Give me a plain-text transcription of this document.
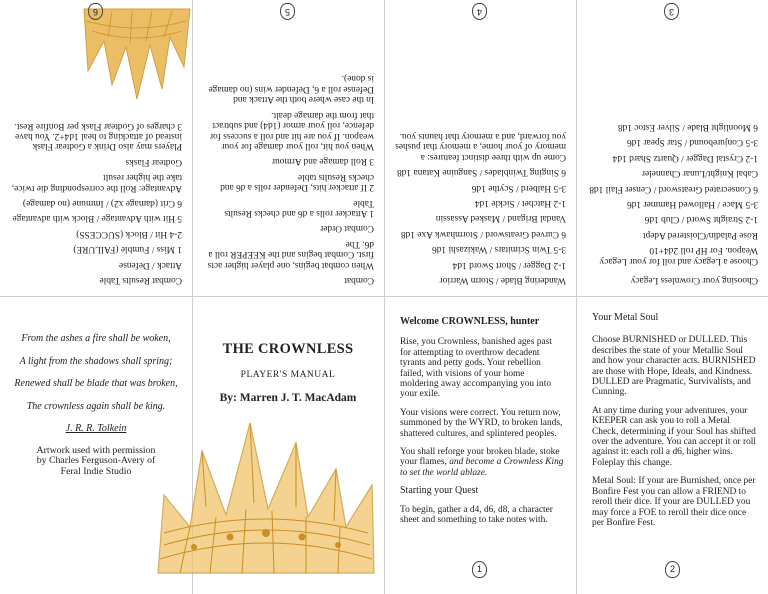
Combat Results Table
Attack / Defense
1 Miss / Fumble (FAILURE)
2-4 Hit / Block (SUCCESS)
5 Hit with Advantage / Block with advantage
6 Crit (damage x2) / Immune (no damage)
Advantage: Roll the corresponding die twice, take the higher result
Godtear Flasks
Players may also Drink a Godtear Flask instead of attacking to heal 1d4+2. You have 3 charges of Godtear Flask per Bonfire Rest.
6
Combat
When combat begins, one player higher acts first. Combat begins and the KEEPER roll a d6. The
Combat Order
1 Attacker rolls a d6 and checks Results Table
2 If attacker hits, Defender rolls a d6 and checks Results table
3 Roll damage and Armour
When you hit, roll your damage for your weapon. If you are hit and roll a success for defence, roll your armor (1d4) and subtract that from the damage dealt.
In the case where both the Attack and Defense roll a 6, Defender wins (no damage is done).
5
Wandering Blade / Storm Warrior
1-2 Dagger / Short Sword 1d4
3-5 Twin Scimitars / Wakizashi 1d6
6 Curved Greatsword / Stormhawk Axe 1d8
Vandal Brigand / Masked Assassin
1-2 Hatchet / Sickle 1d4
3-5 Halberd / Scythe 1d6
6 Singing Twinblades / Sanguine Katana 1d8
Come up with three distinct features: a memory of your home, a memory that pushes you forward, and a memory that haunts you.
4
Choosing your Crownless Legacy
Choose a Legacy and roll for your Legacy Weapon. For HP roll 2d4+10
Rose Paladin/Cloistered Adept
1-2 Straight Sword / Club 1d6
3-5 Mace / Hallowed Hammer 1d6
6 Consecrated Greatsword / Censer Flail 1d8
Cabal Knight/Lunar Channeler
1-2 Crystal Dagger / Quartz Shard 1d4
3-5 Conjurebound / Star Spear 1d6
6 Moonlight Blade / Silver Estoc 1d8
3
From the ashes a fire shall be woken,
A light from the shadows shall spring;
Renewed shall be blade that was broken,
The crownless again shall be king.
J. R. R. Tolkein
Artwork used with permission by Charles Ferguson-Avery of Feral Indie Studio
THE CROWNLESS
PLAYER'S MANUAL
By: Marren J. T. MacAdam

Welcome CROWNLESS, hunter

Rise, you Crownless, banished ages past for attempting to overthrow decadent tyrants and petty gods. Your rebellion failed, with visions of your home moldering away accompanying you into your exile.

Your visions were correct. You return now, summoned by the WYRD, to broken lands, shattered cultures, and splintered peoples.

You shall reforge your broken blade, stoke your flames, and become a Crownless King to set the world ablaze.

Starting your Quest

To begin, gather a d4, d6, d8, a character sheet and something to take notes with.

1

Your Metal Soul

Choose BURNISHED or DULLED. This describes the state of your Metallic Soul and how your character acts. BURNISHED are those with Hope, Ideals, and Kindness. DULLED are Pragmatic, Survivalists, and Cunning.

At any time during your adventures, your KEEPER can ask you to roll a Metal Check, determining if your Soul has shifted over the adventure. You can accept it or roll against it: each roll a d6, higher wins. Foleplay this change.

Metal Soul: If your are Burnished, once per Bonfire Fest you can allow a FRIEND to reroll their dice. If your are DULLED you may force a FOE to reroll their dice once per Bonfire Fest.

2
